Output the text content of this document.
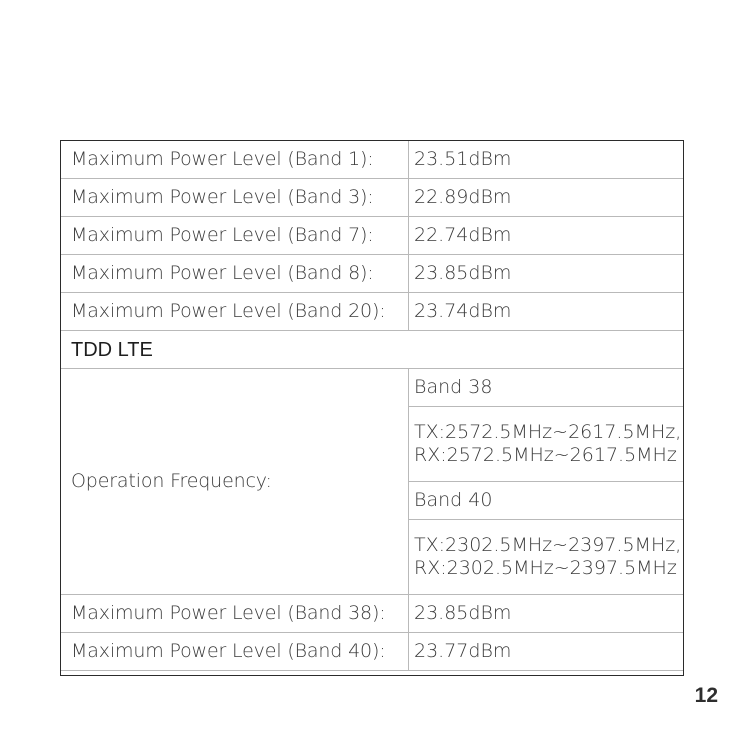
Maximum Power Level (Band 1):	23.51dBm
Maximum Power Level (Band 3):	22.89dBm
Maximum Power Level (Band 7):	22.74dBm
Maximum Power Level (Band 8):	23.85dBm
Maximum Power Level (Band 20):	23.74dBm
TDD LTE	
Operation Frequency:	Band 38

	TX:2572.5MHz~2617.5MHz,
RX:2572.5MHz~2617.5MHz

	Band 40

	TX:2302.5MHz~2397.5MHz,
RX:2302.5MHz~2397.5MHz

Maximum Power Level (Band 38):	23.85dBm
Maximum Power Level (Band 40):	23.77dBm
12
